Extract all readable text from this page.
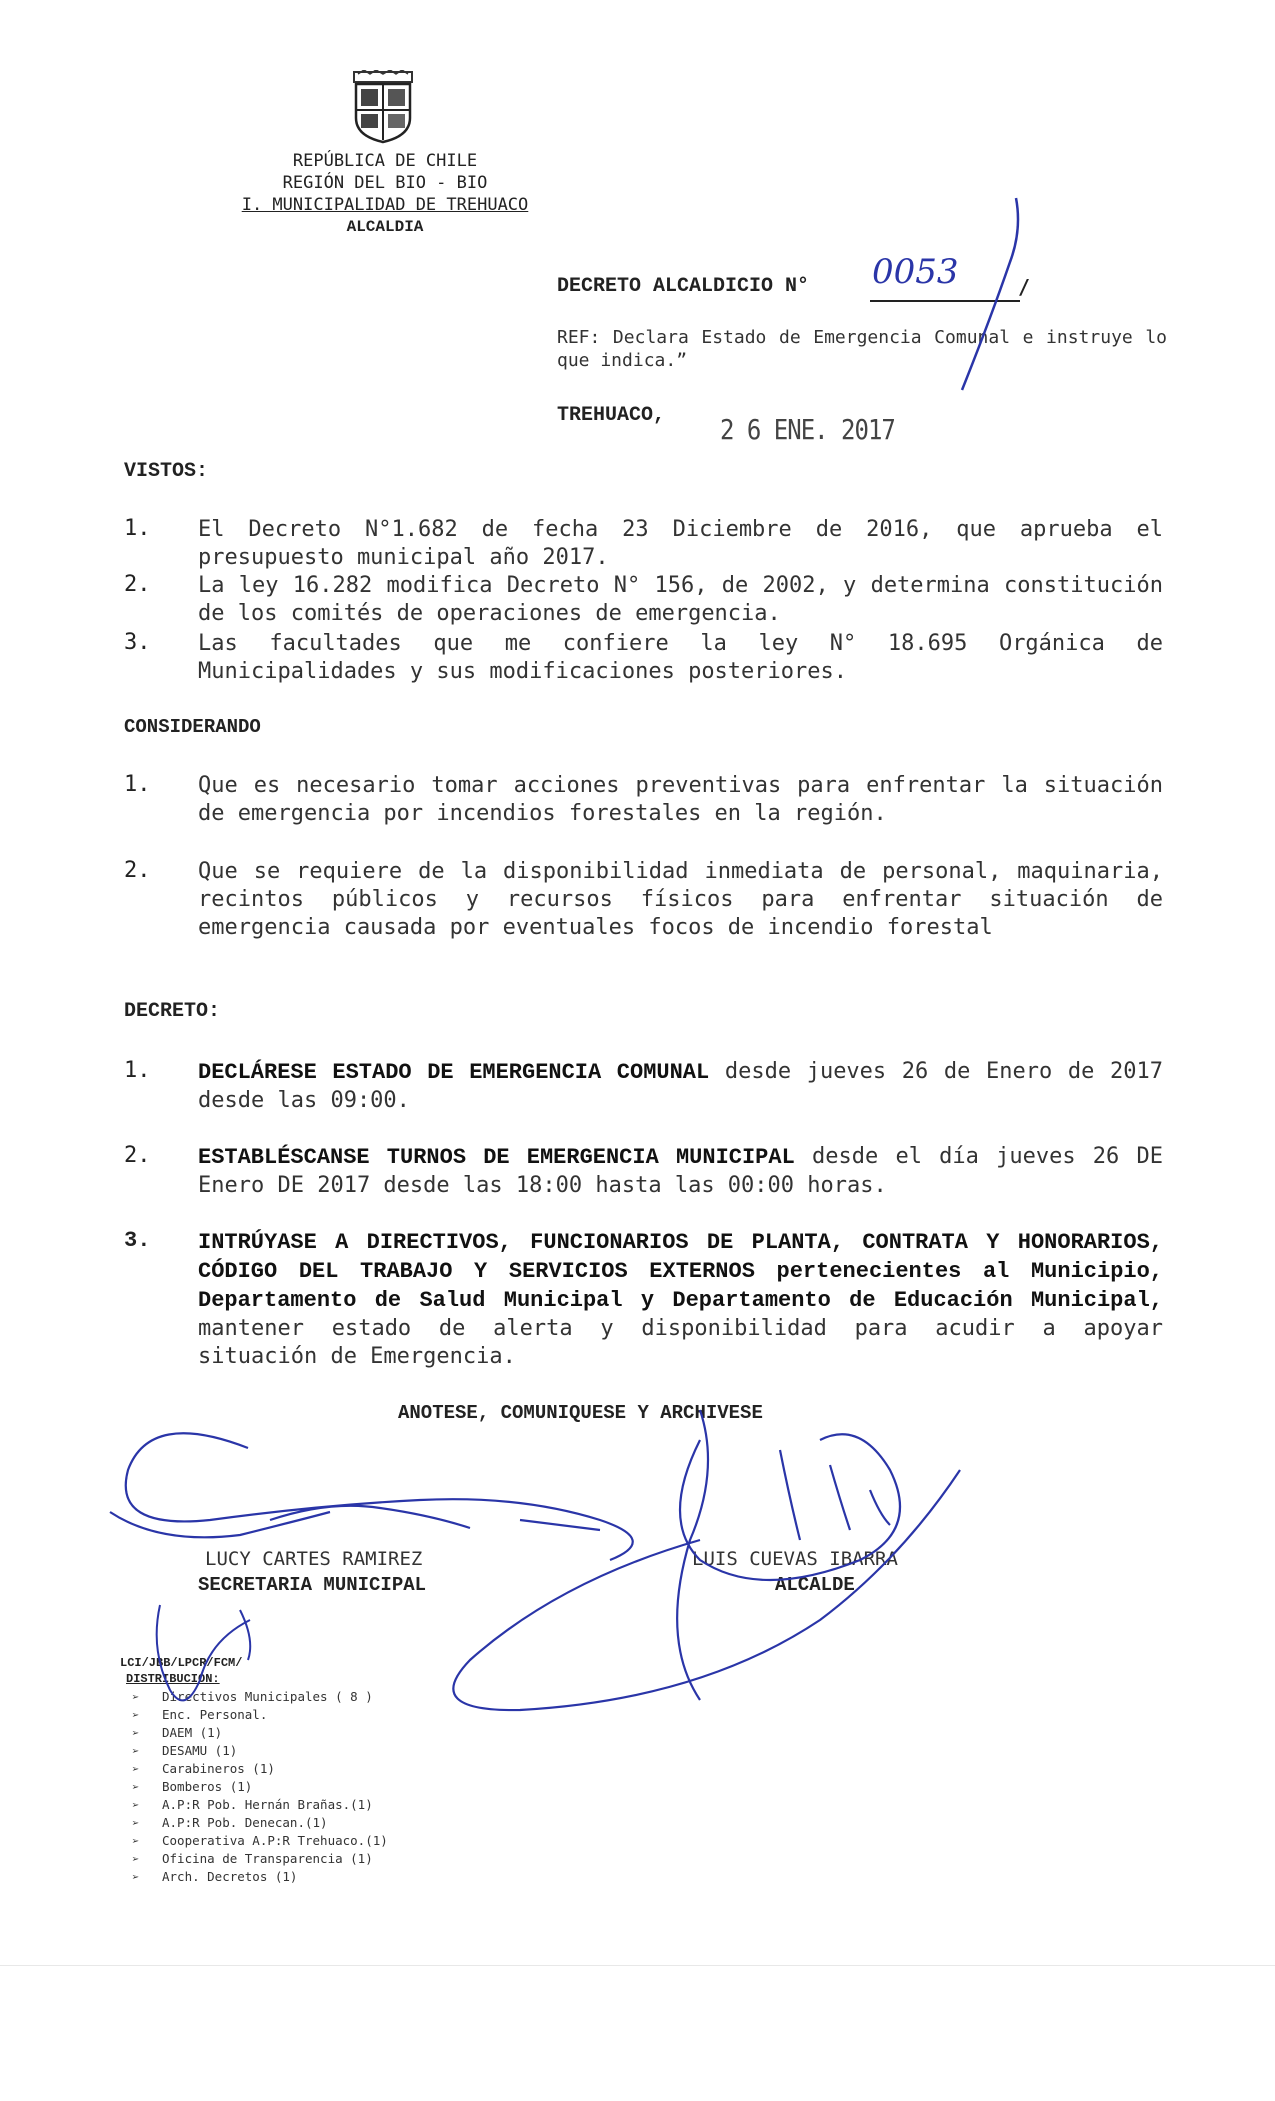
REPÚBLICA DE CHILE
REGIÓN DEL BIO - BIO
I. MUNICIPALIDAD DE TREHUACO
ALCALDIA
DECRETO ALCALDICIO N°	/
0053
REF: Declara Estado de Emergencia Comunal e instruye lo que indica.”
TREHUACO, 2 6 ENE. 2017
VISTOS:
1. El Decreto N°1.682 de fecha 23 Diciembre de 2016, que aprueba el presupuesto municipal año 2017.
2. La ley 16.282 modifica Decreto N° 156, de 2002, y determina constitución de los comités de operaciones de emergencia.
3. Las facultades que me confiere la ley N° 18.695 Orgánica de Municipalidades y sus modificaciones posteriores.
CONSIDERANDO
1. Que es necesario tomar acciones preventivas para enfrentar la situación de emergencia por incendios forestales en la región.
2. Que se requiere de la disponibilidad inmediata de personal, maquinaria, recintos públicos y recursos físicos para enfrentar situación de emergencia causada por eventuales focos de incendio forestal
DECRETO:
1. DECLÁRESE ESTADO DE EMERGENCIA COMUNAL desde jueves 26 de Enero de 2017 desde las 09:00.
2. ESTABLÉSCANSE TURNOS DE EMERGENCIA MUNICIPAL desde el día jueves 26 DE Enero DE 2017 desde las 18:00 hasta las 00:00 horas.
3. INTRÚYASE A DIRECTIVOS, FUNCIONARIOS DE PLANTA, CONTRATA Y HONORARIOS, CÓDIGO DEL TRABAJO Y SERVICIOS EXTERNOS pertenecientes al Municipio, Departamento de Salud Municipal y Departamento de Educación Municipal, mantener estado de alerta y disponibilidad para acudir a apoyar situación de Emergencia.
ANOTESE, COMUNIQUESE Y ARCHIVESE
LUCY CARTES RAMIREZ
SECRETARIA MUNICIPAL
LUIS CUEVAS IBARRA
ALCALDE
LCI/JBB/LPCR/FCM/
DISTRIBUCIÓN:
➢ Directivos Municipales ( 8 )
➢ Enc. Personal.
➢ DAEM (1)
➢ DESAMU (1)
➢ Carabineros (1)
➢ Bomberos (1)
➢ A.P:R Pob. Hernán Brañas.(1)
➢ A.P:R Pob. Denecan.(1)
➢ Cooperativa A.P:R Trehuaco.(1)
➢ Oficina de Transparencia (1)
➢ Arch. Decretos (1)
